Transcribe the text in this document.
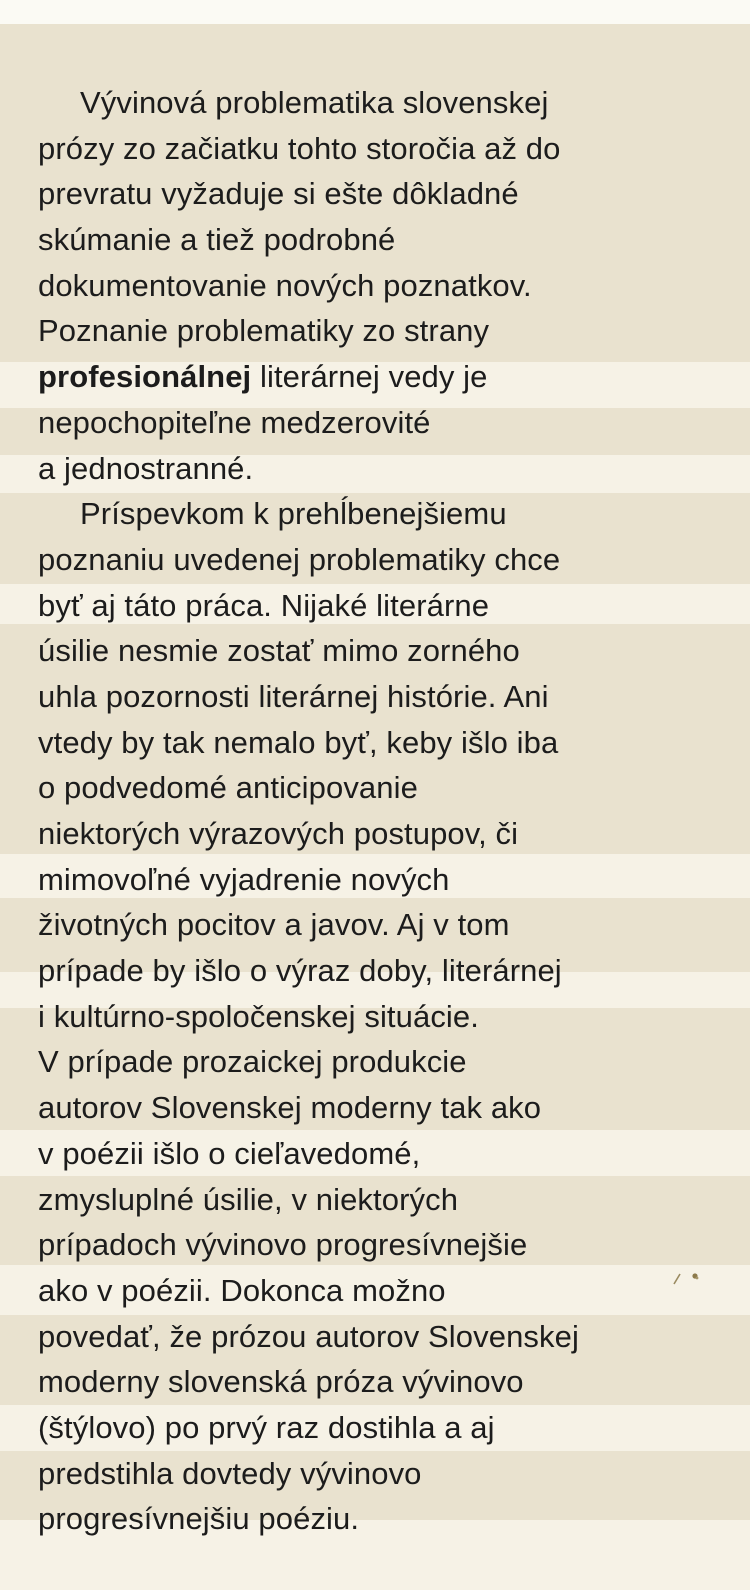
Vývinová problematika slovenskej
prózy zo začiatku tohto storočia až do
prevratu vyžaduje si ešte dôkladné
skúmanie a tiež podrobné
dokumentovanie nových poznatkov.
Poznanie problematiky zo strany
profesionálnej literárnej vedy je
nepochopiteľne medzerovité
a jednostranné.
Príspevkom k prehĺbenejšiemu
poznaniu uvedenej problematiky chce
byť aj táto práca. Nijaké literárne
úsilie nesmie zostať mimo zorného
uhla pozornosti literárnej histórie. Ani
vtedy by tak nemalo byť, keby išlo iba
o podvedomé anticipovanie
niektorých výrazových postupov, či
mimovoľné vyjadrenie nových
životných pocitov a javov. Aj v tom
prípade by išlo o výraz doby, literárnej
i kultúrno-spoločenskej situácie.
V prípade prozaickej produkcie
autorov Slovenskej moderny tak ako
v poézii išlo o cieľavedomé,
zmysluplné úsilie, v niektorých
prípadoch vývinovo progresívnejšie
ako v poézii. Dokonca možno
povedať, že prózou autorov Slovenskej
moderny slovenská próza vývinovo
(štýlovo) po prvý raz dostihla a aj
predstihla dovtedy vývinovo
progresívnejšiu poéziu.
